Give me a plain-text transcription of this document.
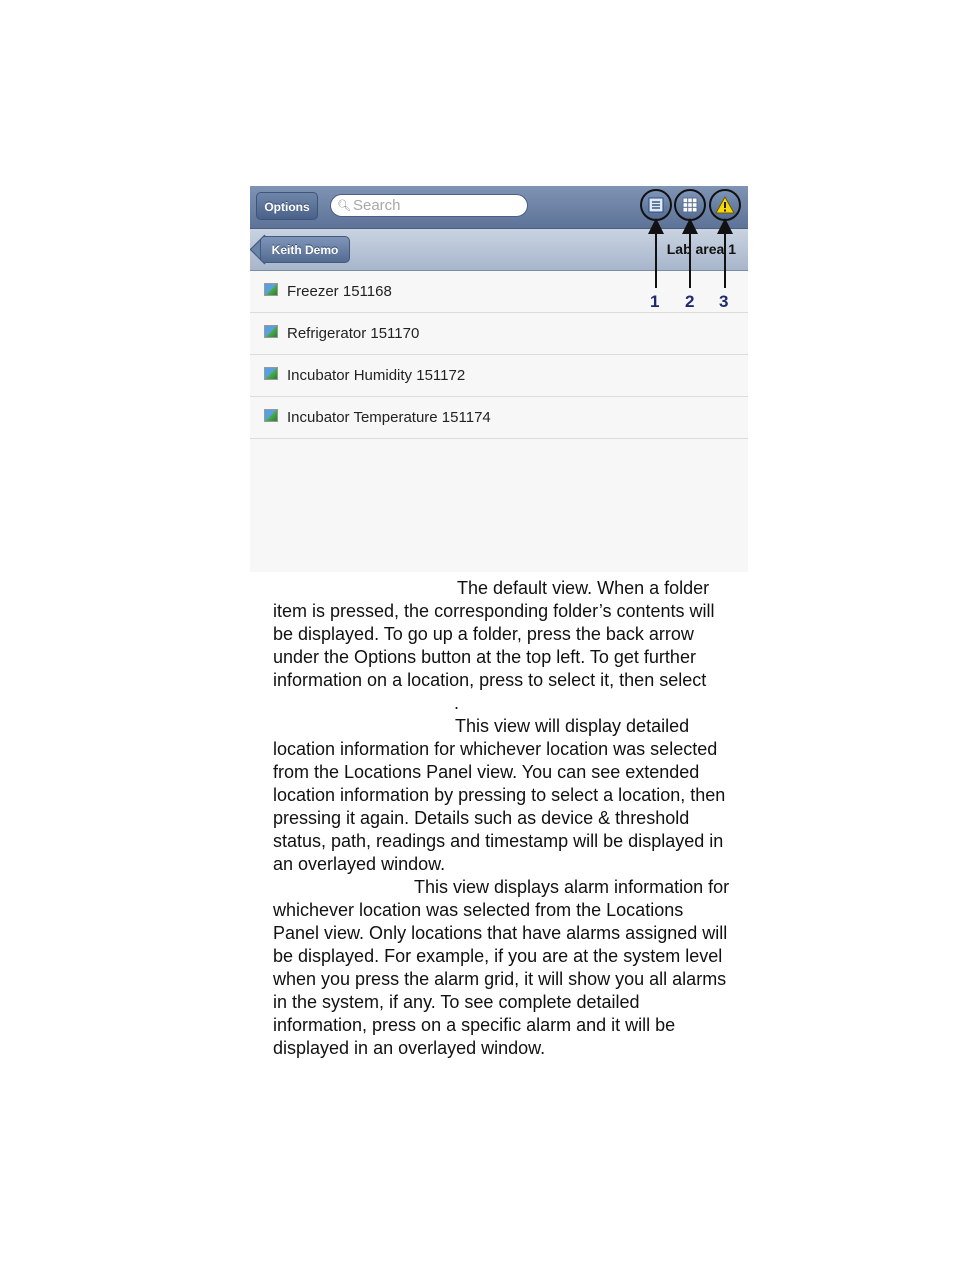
Options	🔍︎ Search
Keith Demo	Lab area 1
Freezer 151168
Refrigerator 151170
Incubator Humidity 151172
Incubator Temperature 151174
1 2 3

The default view. When a folder

item is pressed, the corresponding folder’s contents will
be displayed. To go up a folder, press the back arrow
under the Options button at the top left. To get further
information on a location, press to select it, then select

.

This view will display detailed

location information for whichever location was selected
from the Locations Panel view. You can see extended
location information by pressing to select a location, then
pressing it again. Details such as device & threshold
status, path, readings and timestamp will be displayed in
an overlayed window.

This view displays alarm information for

whichever location was selected from the Locations
Panel view. Only locations that have alarms assigned will
be displayed. For example, if you are at the system level
when you press the alarm grid, it will show you all alarms
in the system, if any. To see complete detailed
information, press on a specific alarm and it will be
displayed in an overlayed window.
